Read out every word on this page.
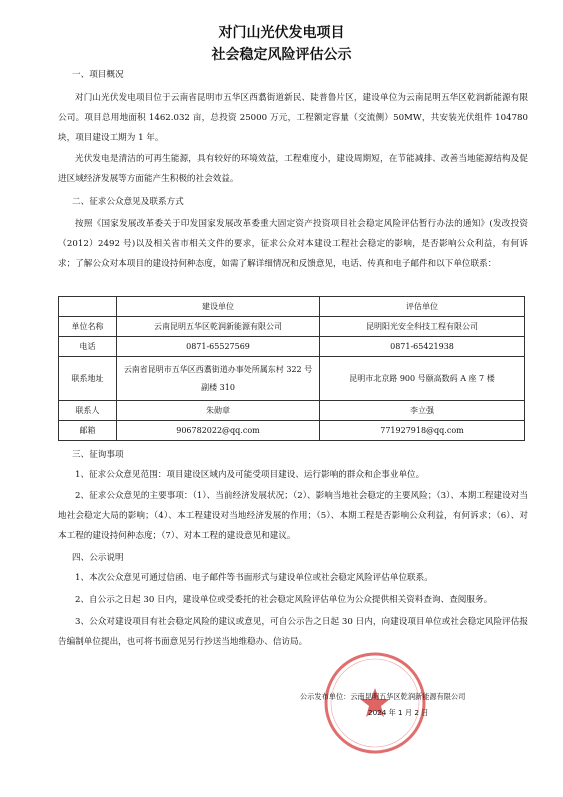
对门山光伏发电项目
社会稳定风险评估公示
一、项目概况
对门山光伏发电项目位于云南省昆明市五华区西翥街道新民、陡普鲁片区，建设单位为云南昆明五华区乾润新能源有限公司。项目总用地面积 1462.032 亩，总投资 25000 万元，工程额定容量（交流侧）50MW，共安装光伏组件 104780 块，项目建设工期为 1 年。
光伏发电是清洁的可再生能源，具有较好的环境效益，工程难度小，建设周期短，在节能减排、改善当地能源结构及促进区域经济发展等方面能产生积极的社会效益。
二、征求公众意见及联系方式
按照《国家发展改革委关于印发国家发展改革委重大固定资产投资项目社会稳定风险评估暂行办法的通知》(发改投资（2012）2492 号)以及相关省市相关文件的要求，征求公众对本建设工程社会稳定的影响，是否影响公众利益，有何诉求；了解公众对本项目的建设持何种态度，如需了解详细情况和反馈意见，电话、传真和电子邮件和以下单位联系：
	建设单位	评估单位
单位名称	云南昆明五华区乾润新能源有限公司	昆明阳光安全科技工程有限公司
电话	0871-65527569	0871-65421938
联系地址	云南省昆明市五华区西翥街道办事处所属东村 322 号副楼 310	昆明市北京路 900 号颐高数码 A 座 7 楼
联系人	朱勋章	李立强
邮箱	906782022@qq.com	771927918@qq.com
三、征询事项
1、征求公众意见范围：项目建设区域内及可能受项目建设、运行影响的群众和企事业单位。
2、征求公众意见的主要事项：（1）、当前经济发展状况；（2）、影响当地社会稳定的主要风险；（3）、本期工程建设对当地社会稳定大局的影响；（4）、本工程建设对当地经济发展的作用；（5）、本期工程是否影响公众利益，有何诉求；（6）、对本工程的建设持何种态度；（7）、对本工程的建设意见和建议。
四、公示说明
1、本次公众意见可通过信函、电子邮件等书面形式与建设单位或社会稳定风险评估单位联系。
2、自公示之日起 30 日内，建设单位或受委托的社会稳定风险评估单位为公众提供相关资料查询、查阅服务。
3、公众对建设项目有社会稳定风险的建议或意见，可自公示告之日起 30 日内，向建设项目单位或社会稳定风险评估报告编制单位提出，也可将书面意见另行抄送当地维稳办、信访局。
公示发布单位：云南昆明五华区乾润新能源有限公司
2024 年 1 月 2 日
